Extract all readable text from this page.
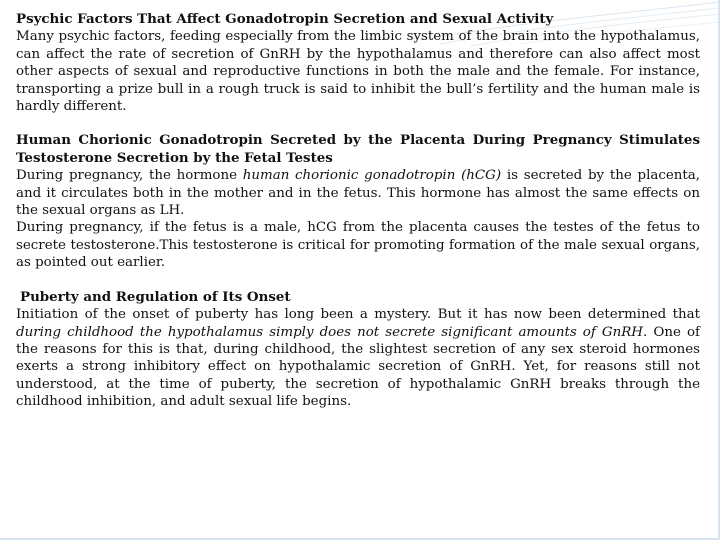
Psychic Factors That Affect Gonadotropin Secretion and Sexual Activity

Many psychic factors, feeding especially from the limbic system of the brain into the hypothalamus, can affect the rate of secretion of GnRH by the hypothalamus and therefore can also affect most other aspects of sexual and reproductive functions in both the male and the female. For instance, transporting a prize bull in a rough truck is said to inhibit the bull’s fertility and the human male is hardly different.

Human Chorionic Gonadotropin Secreted by the Placenta During Pregnancy Stimulates Testosterone Secretion by the Fetal Testes

During pregnancy, the hormone human chorionic gonadotropin (hCG) is secreted by the placenta, and it circulates both in the mother and in the fetus. This hormone has almost the same effects on the sexual organs as LH.

During pregnancy, if the fetus is a male, hCG from the placenta causes the testes of the fetus to secrete testosterone.This testosterone is critical for promoting formation of the male sexual organs, as pointed out earlier.

Puberty and Regulation of Its Onset

Initiation of the onset of puberty has long been a mystery. But it has now been determined that during childhood the hypothalamus simply does not secrete significant amounts of GnRH. One of the reasons for this is that, during childhood, the slightest secretion of any sex steroid hormones exerts a strong inhibitory effect on hypothalamic secretion of GnRH. Yet, for reasons still not understood, at the time of puberty, the secretion of hypothalamic GnRH breaks through the childhood inhibition, and adult sexual life begins.
